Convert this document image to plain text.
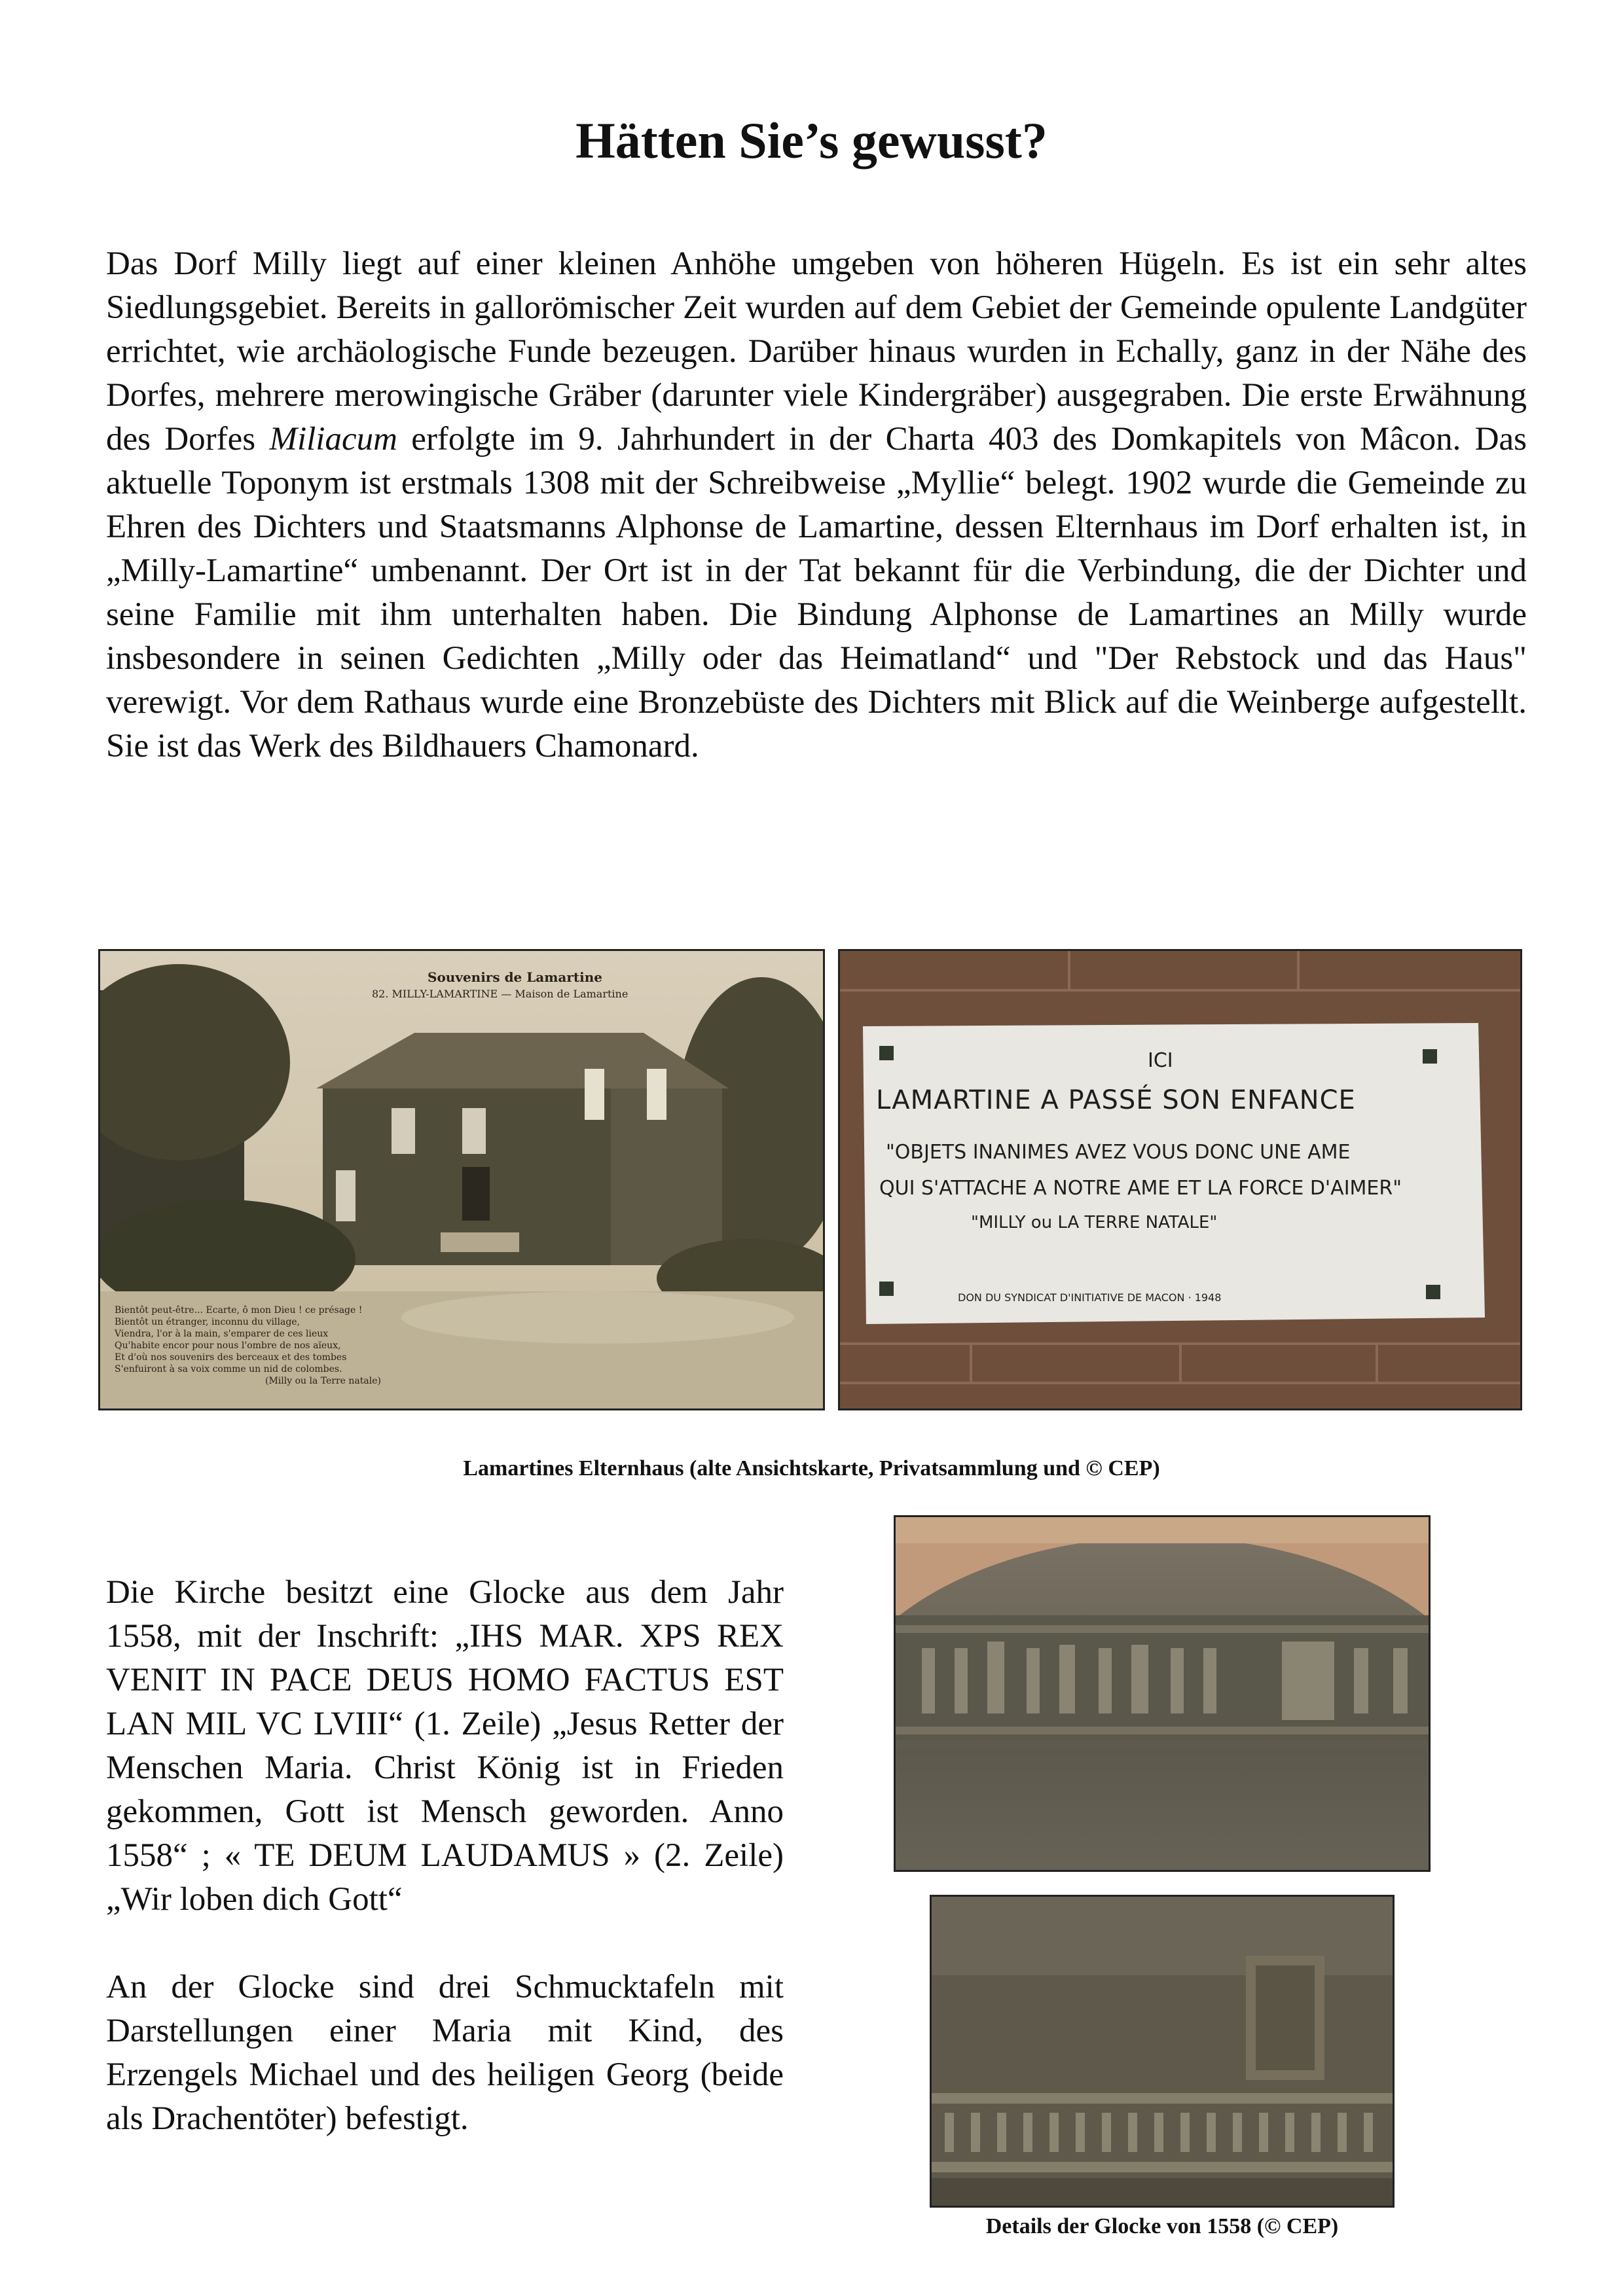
Hätten Sie’s gewusst?

Das Dorf Milly liegt auf einer kleinen Anhöhe umgeben von höheren Hügeln. Es ist ein sehr altes Siedlungsgebiet. Bereits in gallorömischer Zeit wurden auf dem Gebiet der Gemeinde opulente Landgüter errichtet, wie archäologische Funde bezeugen. Darüber hinaus wurden in Echally, ganz in der Nähe des Dorfes, mehrere merowingische Gräber (darunter viele Kindergräber) ausgegraben. Die erste Erwähnung des Dorfes Miliacum erfolgte im 9. Jahrhundert in der Charta 403 des Domkapitels von Mâcon. Das aktuelle Toponym ist erstmals 1308 mit der Schreibweise „Myllie“ belegt. 1902 wurde die Gemeinde zu Ehren des Dichters und Staatsmanns Alphonse de Lamartine, dessen Elternhaus im Dorf erhalten ist, in „Milly-Lamartine“ umbenannt. Der Ort ist in der Tat bekannt für die Verbindung, die der Dichter und seine Familie mit ihm unterhalten haben. Die Bindung Alphonse de Lamartines an Milly wurde insbesondere in seinen Gedichten „Milly oder das Heimatland“ und "Der Rebstock und das Haus" verewigt. Vor dem Rathaus wurde eine Bronzebüste des Dichters mit Blick auf die Weinberge aufgestellt. Sie ist das Werk des Bildhauers Chamonard.

Souvenirs de Lamartine
82. MILLY-LAMARTINE — Maison de Lamartine
Bientôt peut-être... Ecarte, ô mon Dieu ! ce présage !
Bientôt un étranger, inconnu du village,
Viendra, l'or à la main, s'emparer de ces lieux
Qu'habite encor pour nous l'ombre de nos aïeux,
Et d'où nos souvenirs des berceaux et des tombes
S'enfuiront à sa voix comme un nid de colombes.
(Milly ou la Terre natale)
ICI
LAMARTINE A PASSÉ SON ENFANCE
"OBJETS INANIMES AVEZ VOUS DONC UNE AME
QUI S'ATTACHE A NOTRE AME ET LA FORCE D'AIMER"
"MILLY ou LA TERRE NATALE"
DON DU SYNDICAT D'INITIATIVE DE MACON · 1948
Lamartines Elternhaus (alte Ansichtskarte, Privatsammlung und © CEP)

Die Kirche besitzt eine Glocke aus dem Jahr 1558, mit der Inschrift: „IHS MAR. XPS REX VENIT IN PACE DEUS HOMO FACTUS EST LAN MIL VC LVIII“ (1. Zeile) „Jesus Retter der Menschen Maria. Christ König ist in Frieden gekommen, Gott ist Mensch geworden. Anno 1558“ ; « TE DEUM LAUDAMUS » (2. Zeile) „Wir loben dich Gott“

An der Glocke sind drei Schmucktafeln mit Darstellungen einer Maria mit Kind, des Erzengels Michael und des heiligen Georg (beide als Drachentöter) befestigt.

Details der Glocke von 1558 (© CEP)
